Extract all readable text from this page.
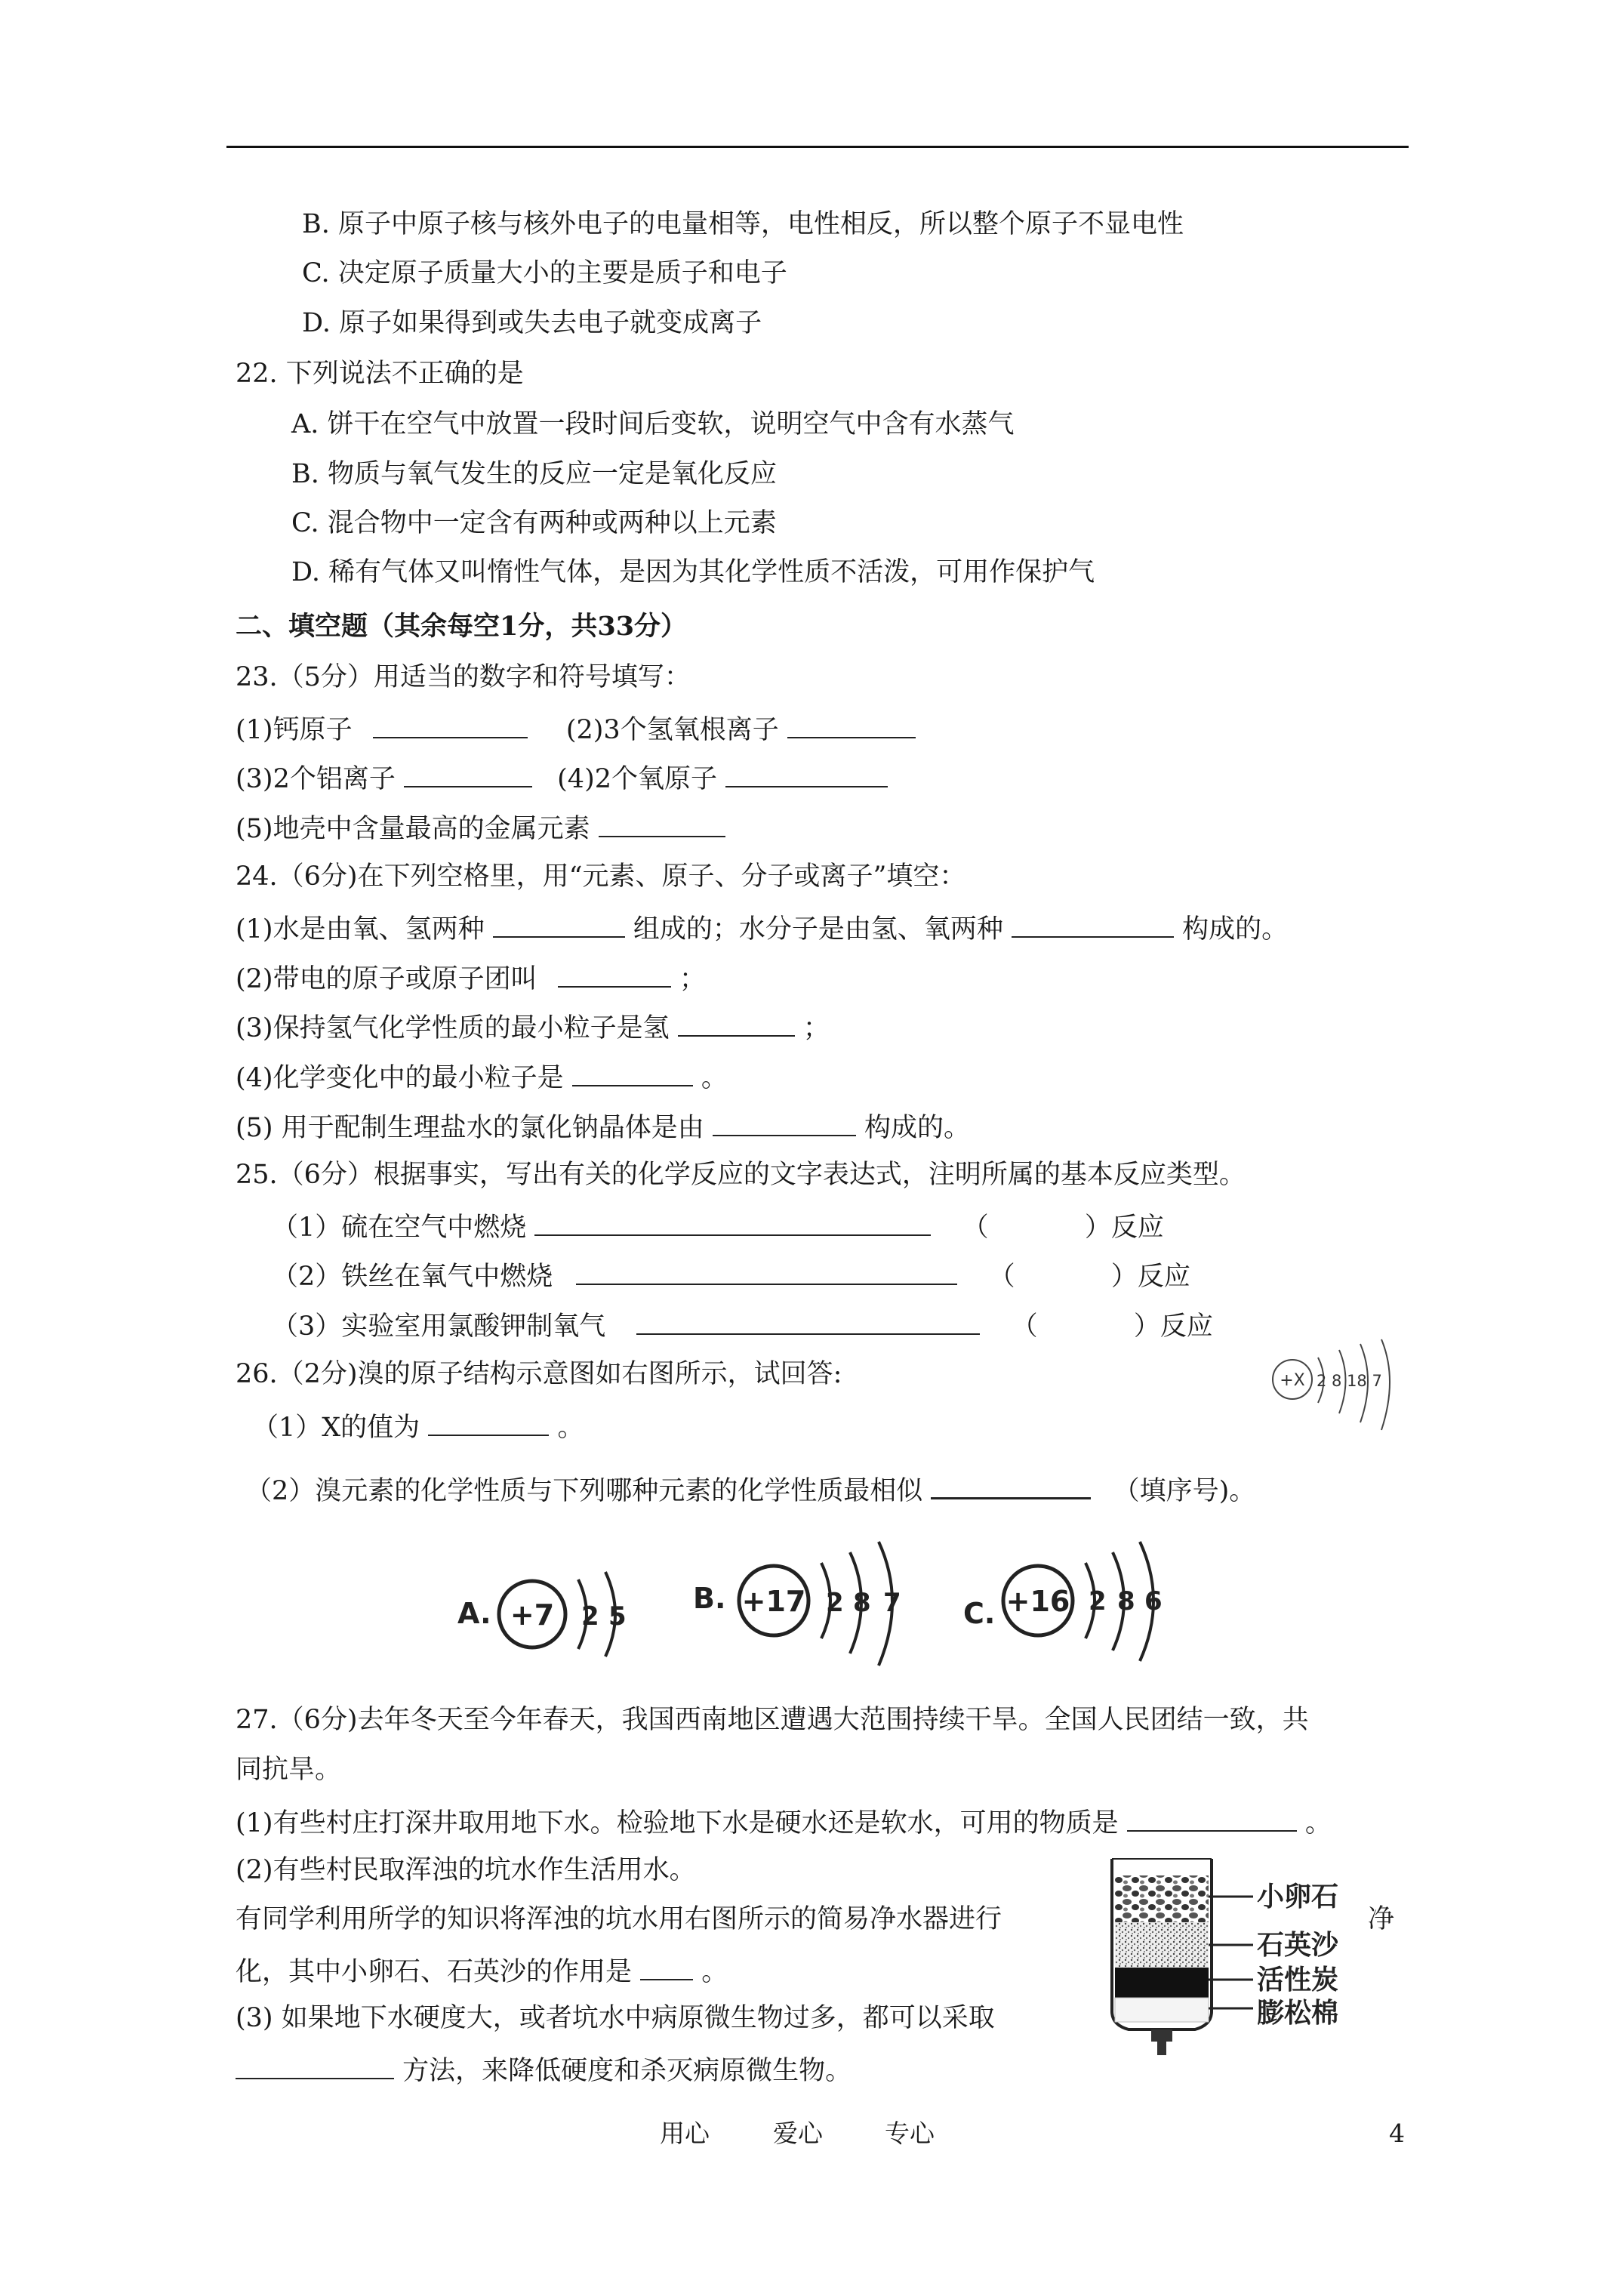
B. 原子中原子核与核外电子的电量相等，电性相反，所以整个原子不显电性
C. 决定原子质量大小的主要是质子和电子
D. 原子如果得到或失去电子就变成离子
22. 下列说法不正确的是
A. 饼干在空气中放置一段时间后变软，说明空气中含有水蒸气
B. 物质与氧气发生的反应一定是氧化反应
C. 混合物中一定含有两种或两种以上元素
D. 稀有气体又叫惰性气体，是因为其化学性质不活泼，可用作保护气
二、填空题（其余每空1分，共33分）
23.（5分）用适当的数字和符号填写：
(1)钙原子	(2)3个氢氧根离子
(3)2个铝离子	(4)2个氧原子
(5)地壳中含量最高的金属元素
24.（6分)在下列空格里，用“元素、原子、分子或离子”填空：
(1)水是由氧、氢两种	组成的；水分子是由氢、氧两种	构成的。
(2)带电的原子或原子团叫	；
(3)保持氢气化学性质的最小粒子是氢	；
(4)化学变化中的最小粒子是	。
(5) 用于配制生理盐水的氯化钠晶体是由	构成的。
25.（6分）根据事实，写出有关的化学反应的文字表达式，注明所属的基本反应类型。
（1）硫在空气中燃烧	（	）反应
（2）铁丝在氧气中燃烧	（	）反应
（3）实验室用氯酸钾制氧气	（	）反应
26.（2分)溴的原子结构示意图如右图所示，试回答:	+X 2 8 18 7
（1）X的值为	。
（2）溴元素的化学性质与下列哪种元素的化学性质最相似	（填序号)。
A. +7 2 5
B. +17 2 8 7 C. +16 2 8 6
27.（6分)去年冬天至今年春天，我国西南地区遭遇大范围持续干旱。全国人民团结一致，共
同抗旱。
(1)有些村庄打深井取用地下水。检验地下水是硬水还是软水，可用的物质是	。
(2)有些村民取浑浊的坑水作生活用水。
有同学利用所学的知识将浑浊的坑水用右图所示的简易净水器进行	净
化，其中小卵石、石英沙的作用是	。
(3) 如果地下水硬度大，或者坑水中病原微生物过多，都可以采取
方法，来降低硬度和杀灭病原微生物。
小卵石
石英沙
活性炭
膨松棉
用心	爱心 专心	4
